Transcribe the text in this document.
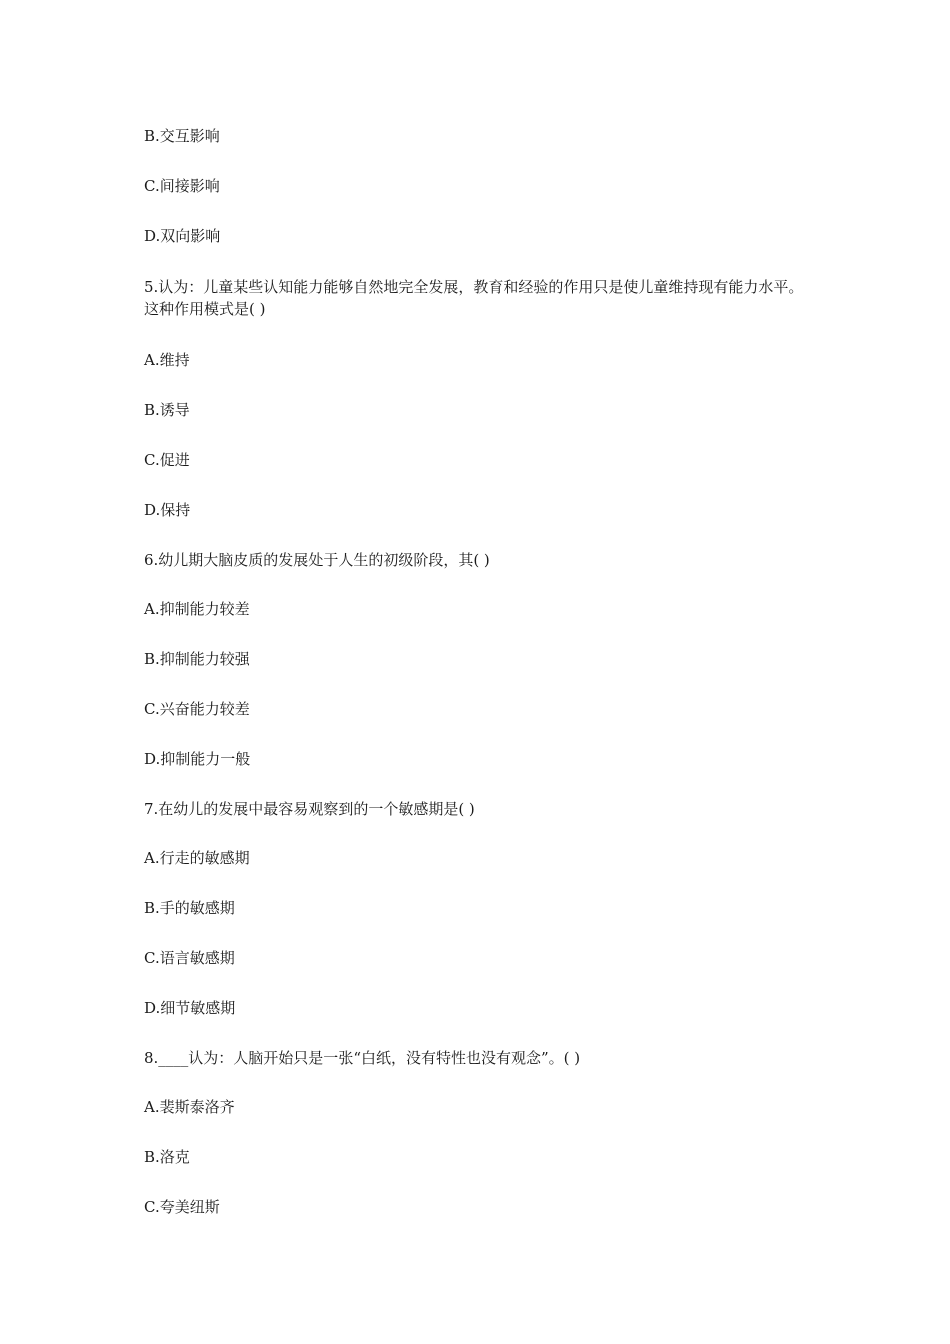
B.交互影响
C.间接影响
D.双向影响
5.认为：儿童某些认知能力能够自然地完全发展，教育和经验的作用只是使儿童维持现有能力水平。这种作用模式是( )
A.维持
B.诱导
C.促进
D.保持
6.幼儿期大脑皮质的发展处于人生的初级阶段，其( )
A.抑制能力较差
B.抑制能力较强
C.兴奋能力较差
D.抑制能力一般
7.在幼儿的发展中最容易观察到的一个敏感期是( )
A.行走的敏感期
B.手的敏感期
C.语言敏感期
D.细节敏感期
8.____认为：人脑开始只是一张“白纸，没有特性也没有观念”。( )
A.裴斯泰洛齐
B.洛克
C.夸美纽斯
